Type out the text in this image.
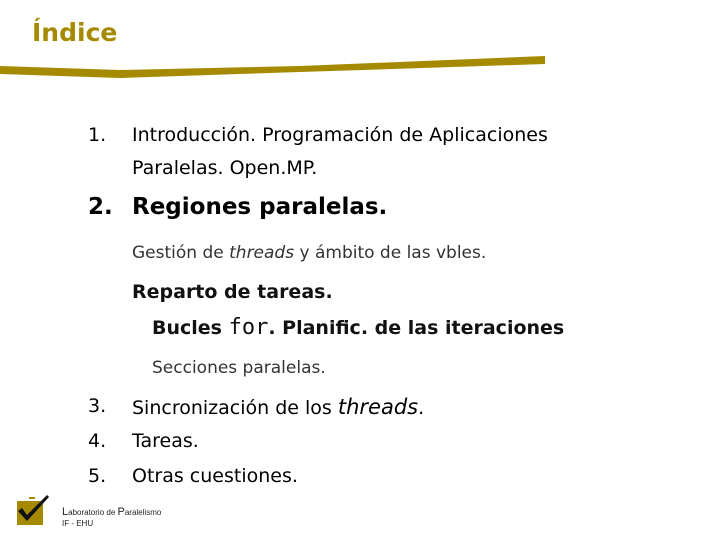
Índice
1. Introducción. Programación de Aplicaciones
Paralelas. Open.MP.
2. Regiones paralelas.
Gestión de threads y ámbito de las vbles.
Reparto de tareas.
Bucles for. Planific. de las iteraciones
Secciones paralelas.
3. Sincronización de los threads.
4. Tareas.
5. Otras cuestiones.
Laboratorio de Paralelismo
IF - EHU
